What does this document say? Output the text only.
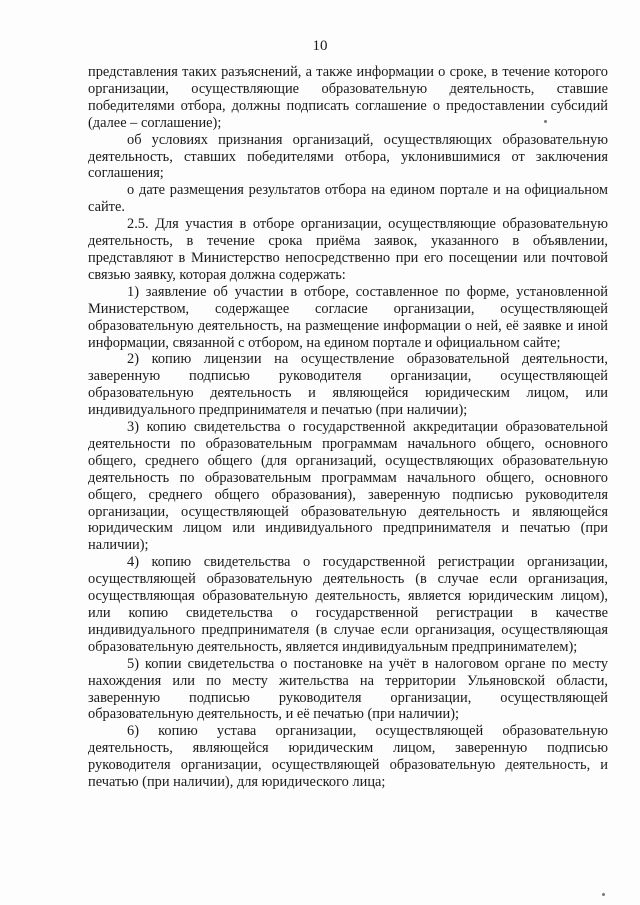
10

представления таких разъяснений, а также информации о сроке, в течение которого организации, осуществляющие образовательную деятельность, ставшие победителями отбора, должны подписать соглашение о предоставлении субсидий (далее – соглашение);

об условиях признания организаций, осуществляющих образовательную деятельность, ставших победителями отбора, уклонившимися от заключения соглашения;

о дате размещения результатов отбора на едином портале и на официальном сайте.

2.5. Для участия в отборе организации, осуществляющие образовательную деятельность, в течение срока приёма заявок, указанного в объявлении, представляют в Министерство непосредственно при его посещении или почтовой связью заявку, которая должна содержать:

1) заявление об участии в отборе, составленное по форме, установленной Министерством, содержащее согласие организации, осуществляющей образовательную деятельность, на размещение информации о ней, её заявке и иной информации, связанной с отбором, на едином портале и официальном сайте;

2) копию лицензии на осуществление образовательной деятельности, заверенную подписью руководителя организации, осуществляющей образовательную деятельность и являющейся юридическим лицом, или индивидуального предпринимателя и печатью (при наличии);

3) копию свидетельства о государственной аккредитации образовательной деятельности по образовательным программам начального общего, основного общего, среднего общего (для организаций, осуществляющих образовательную деятельность по образовательным программам начального общего, основного общего, среднего общего образования), заверенную подписью руководителя организации, осуществляющей образовательную деятельность и являющейся юридическим лицом или индивидуального предпринимателя и печатью (при наличии);

4) копию свидетельства о государственной регистрации организации, осуществляющей образовательную деятельность (в случае если организация, осуществляющая образовательную деятельность, является юридическим лицом), или копию свидетельства о государственной регистрации в качестве индивидуального предпринимателя (в случае если организация, осуществляющая образовательную деятельность, является индивидуальным предпринимателем);

5) копии свидетельства о постановке на учёт в налоговом органе по месту нахождения или по месту жительства на территории Ульяновской области, заверенную подписью руководителя организации, осуществляющей образовательную деятельность, и её печатью (при наличии);

6) копию устава организации, осуществляющей образовательную деятельность, являющейся юридическим лицом, заверенную подписью руководителя организации, осуществляющей образовательную деятельность, и печатью (при наличии), для юридического лица;
